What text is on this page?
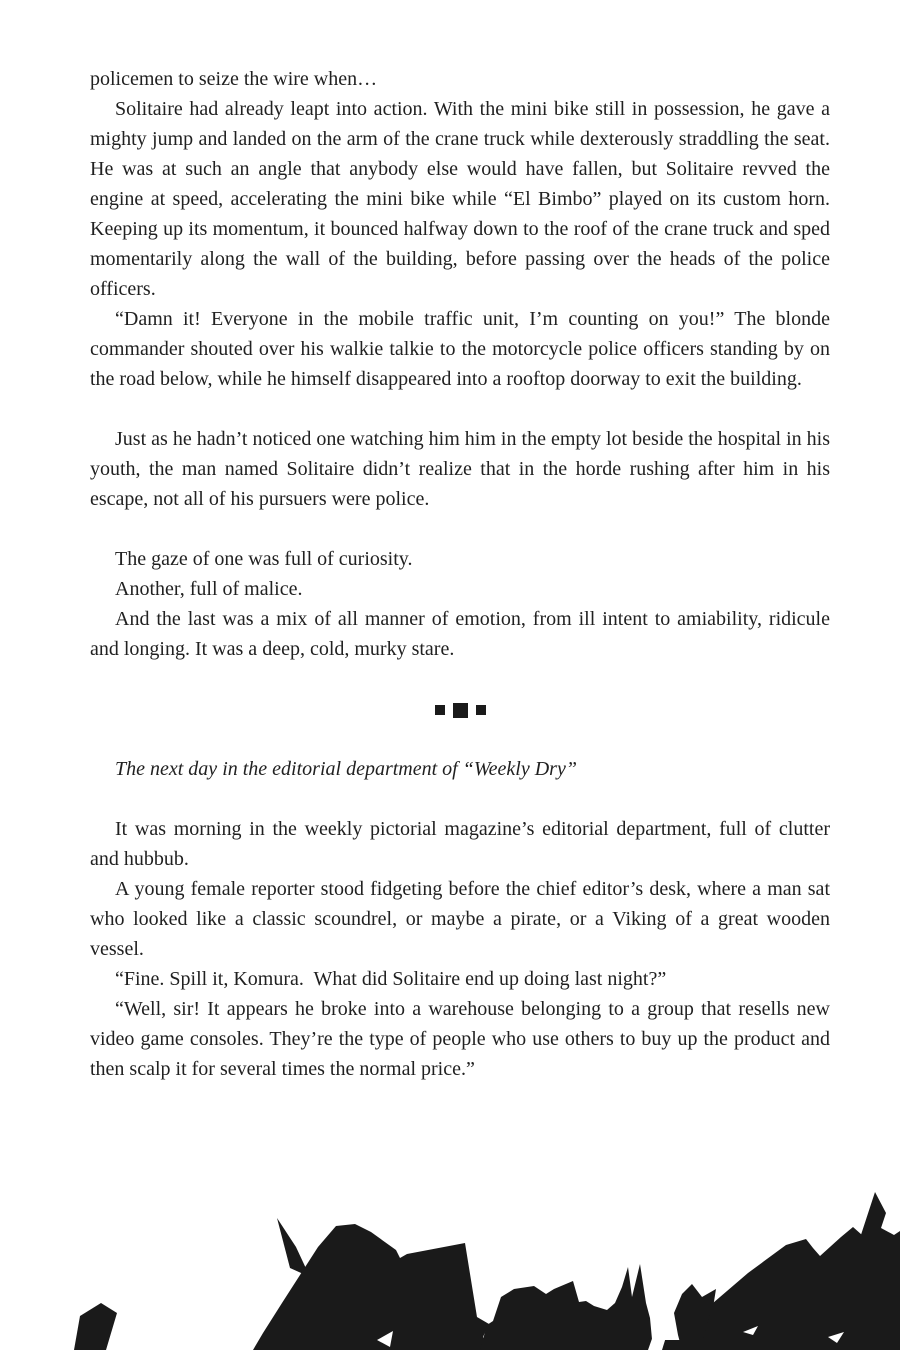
policemen to seize the wire when…

Solitaire had already leapt into action. With the mini bike still in possession, he gave a mighty jump and landed on the arm of the crane truck while dexterously straddling the seat. He was at such an angle that anybody else would have fallen, but Solitaire revved the engine at speed, accelerating the mini bike while “El Bimbo” played on its custom horn. Keeping up its momentum, it bounced halfway down to the roof of the crane truck and sped momentarily along the wall of the building, before passing over the heads of the police officers.

“Damn it! Everyone in the mobile traffic unit, I’m counting on you!” The blonde commander shouted over his walkie talkie to the motorcycle police officers standing by on the road below, while he himself disappeared into a rooftop doorway to exit the building.

Just as he hadn’t noticed one watching him him in the empty lot beside the hospital in his youth, the man named Solitaire didn’t realize that in the horde rushing after him in his escape, not all of his pursuers were police.

The gaze of one was full of curiosity.

Another, full of malice.

And the last was a mix of all manner of emotion, from ill intent to amiability, ridicule and longing. It was a deep, cold, murky stare.

The next day in the editorial department of “Weekly Dry”

It was morning in the weekly pictorial magazine’s editorial department, full of clutter and hubbub.

A young female reporter stood fidgeting before the chief editor’s desk, where a man sat who looked like a classic scoundrel, or maybe a pirate, or a Viking of a great wooden vessel.

“Fine. Spill it, Komura.  What did Solitaire end up doing last night?”

“Well, sir! It appears he broke into a warehouse belonging to a group that resells new video game consoles. They’re the type of people who use others to buy up the product and then scalp it for several times the normal price.”
